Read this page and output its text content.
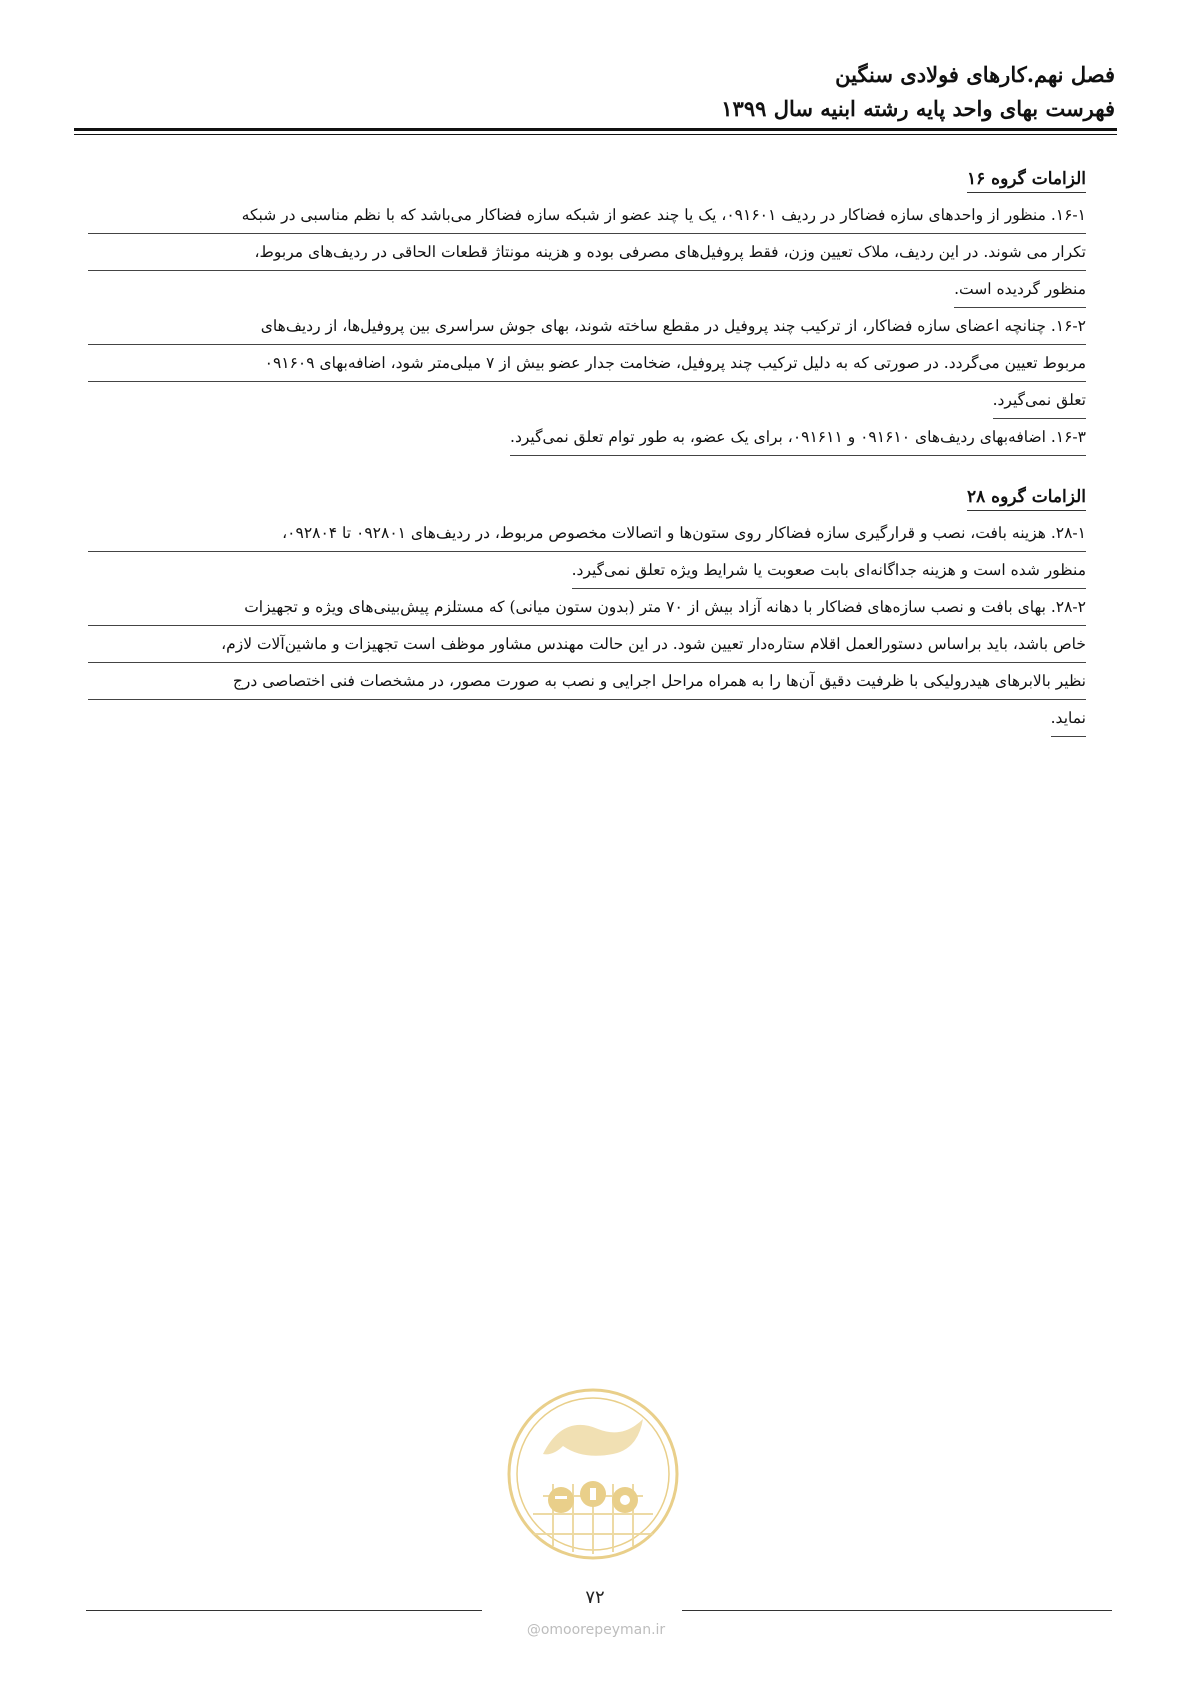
فصل نهم.کارهای فولادی سنگین
فهرست بهای واحد پایه رشته ابنیه سال ۱۳۹۹
الزامات گروه ۱۶
۱۶-۱. منظور از واحدهای سازه فضاکار در ردیف ۰۹۱۶۰۱، یک یا چند عضو از شبکه سازه فضاکار می‌باشد که با نظم مناسبی در شبکه
تکرار می شوند. در این ردیف، ملاک تعیین وزن، فقط پروفیل‌های مصرفی بوده و هزینه مونتاژ قطعات الحاقی در ردیف‌های مربوط،
منظور گردیده است.
۱۶-۲. چنانچه اعضای سازه فضاکار، از ترکیب چند پروفیل در مقطع ساخته شوند، بهای جوش سراسری بین پروفیل‌ها، از ردیف‌های
مربوط تعیین می‌گردد. در صورتی که به دلیل ترکیب چند پروفیل، ضخامت جدار عضو بیش از ۷ میلی‌متر شود، اضافه‌بهای ۰۹۱۶۰۹
تعلق نمی‌گیرد.
۱۶-۳. اضافه‌بهای ردیف‌های ۰۹۱۶۱۰ و ۰۹۱۶۱۱، برای یک عضو، به طور توام تعلق نمی‌گیرد.
الزامات گروه ۲۸
۲۸-۱. هزینه بافت، نصب و قرارگیری سازه فضاکار روی ستون‌ها و اتصالات مخصوص مربوط، در ردیف‌های ۰۹۲۸۰۱ تا ۰۹۲۸۰۴،
منظور شده است و هزینه جداگانه‌ای بابت صعوبت یا شرایط ویژه تعلق نمی‌گیرد.
۲۸-۲. بهای بافت و نصب سازه‌های فضاکار با دهانه آزاد بیش از ۷۰ متر (بدون ستون میانی) که مستلزم پیش‌بینی‌های ویژه و تجهیزات
خاص باشد، باید براساس دستورالعمل اقلام ستاره‌دار تعیین شود. در این حالت مهندس مشاور موظف است تجهیزات و ماشین‌آلات لازم،
نظیر بالابرهای هیدرولیکی با ظرفیت دقیق آن‌ها را به همراه مراحل اجرایی و نصب به صورت مصور، در مشخصات فنی اختصاصی درج
نماید.
۷۲
@omoorepeyman.ir
